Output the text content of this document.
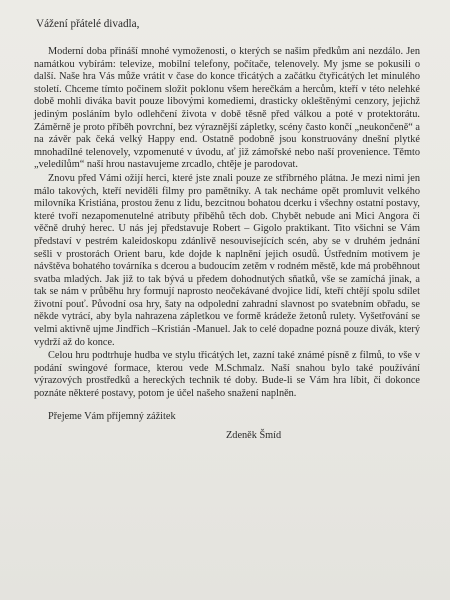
Vážení přátelé divadla,

Moderní doba přináší mnohé vymoženosti, o kterých se našim předkům ani nezdálo. Jen namátkou vybírám: televize, mobilní telefony, počítače, telenovely. My jsme se pokusili o další. Naše hra Vás může vrátit v čase do konce třicátých a začátku čtyřicátých let minulého století. Chceme tímto počinem složit poklonu všem herečkám a hercům, kteří v této nelehké době mohli diváka bavit pouze libovými komediemi, drasticky okleštěnými cenzory, jejichž jediným posláním bylo odlehčení života v době těsně před válkou a poté v protektorátu. Záměrně je proto příběh povrchní, bez výraznější zápletky, scény často končí „neukončeně“ a na závěr pak čeká velký Happy end. Ostatně podobně jsou konstruovány dnešní plytké mnohadílné telenovely, vzpomenuté v úvodu, ať již zámořské nebo naší provenience. Těmto „veledílům“ naší hrou nastavujeme zrcadlo, chtěje je parodovat.

Znovu před Vámi ožijí herci, které jste znali pouze ze stříbrného plátna. Je mezi nimi jen málo takových, kteří neviděli filmy pro pamětníky. A tak necháme opět promluvit velkého milovníka Kristiána, prostou ženu z lidu, bezcitnou bohatou dcerku i všechny ostatní postavy, které tvoří nezapomenutelné atributy příběhů těch dob. Chybět nebude ani Mici Angora či věčně druhý herec. U nás jej představuje Robert – Gigolo praktikant. Tito všichni se Vám představí v pestrém kaleidoskopu zdánlivě nesouvisejících scén, aby se v druhém jednání sešli v prostorách Orient baru, kde dojde k naplnění jejich osudů. Ústředním motivem je návštěva bohatého továrníka s dcerou a budoucím zetěm v rodném městě, kde má proběhnout svatba mladých. Jak již to tak bývá u předem dohodnutých sňatků, vše se zamíchá jinak, a tak se nám v průběhu hry formují naprosto neočekávané dvojice lidí, kteří chtějí spolu sdílet životní pouť. Původní osa hry, šaty na odpolední zahradní slavnost po svatebním obřadu, se někde vytrácí, aby byla nahrazena zápletkou ve formě krádeže žetonů rulety. Vyšetřování se velmi aktivně ujme Jindřich –Kristián -Manuel. Jak to celé dopadne pozná pouze divák, který vydrží až do konce.

Celou hru podtrhuje hudba ve stylu třicátých let, zazní také známé písně z filmů, to vše v podání swingové formace, kterou vede M.Schmalz. Naší snahou bylo také používání výrazových prostředků a hereckých technik té doby. Bude-li se Vám hra líbit, či dokonce poznáte některé postavy, potom je účel našeho snažení naplněn.

Přejeme Vám příjemný zážitek
Zdeněk Šmíd
